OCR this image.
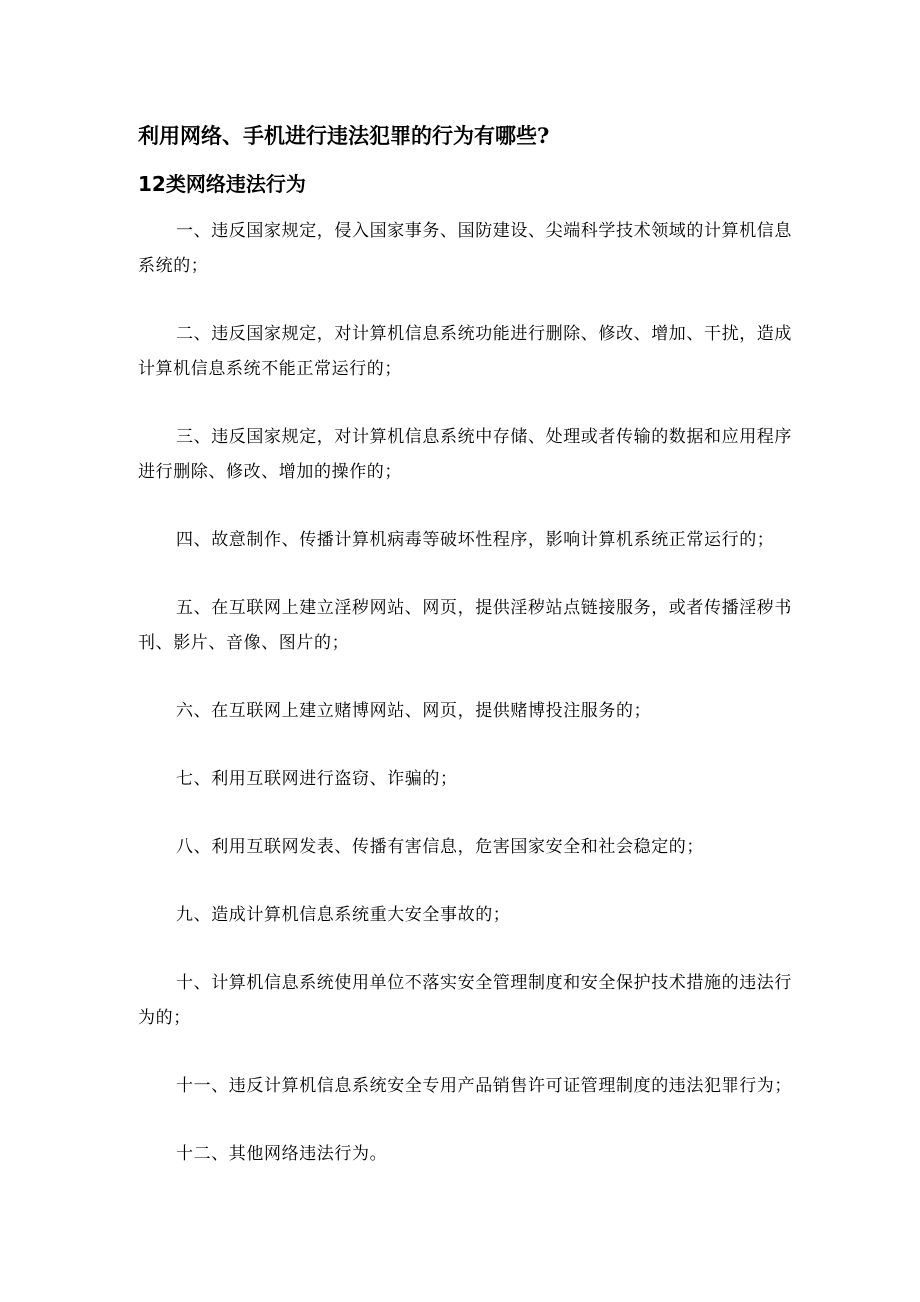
利用网络、手机进行违法犯罪的行为有哪些?
12类网络违法行为
一、违反国家规定，侵入国家事务、国防建设、尖端科学技术领域的计算机信息系统的；
二、违反国家规定，对计算机信息系统功能进行删除、修改、增加、干扰，造成计算机信息系统不能正常运行的；
三、违反国家规定，对计算机信息系统中存储、处理或者传输的数据和应用程序进行删除、修改、增加的操作的；
四、故意制作、传播计算机病毒等破坏性程序，影响计算机系统正常运行的；
五、在互联网上建立淫秽网站、网页，提供淫秽站点链接服务，或者传播淫秽书刊、影片、音像、图片的；
六、在互联网上建立赌博网站、网页，提供赌博投注服务的；
七、利用互联网进行盗窃、诈骗的；
八、利用互联网发表、传播有害信息，危害国家安全和社会稳定的；
九、造成计算机信息系统重大安全事故的；
十、计算机信息系统使用单位不落实安全管理制度和安全保护技术措施的违法行为的；
十一、违反计算机信息系统安全专用产品销售许可证管理制度的违法犯罪行为；
十二、其他网络违法行为。
